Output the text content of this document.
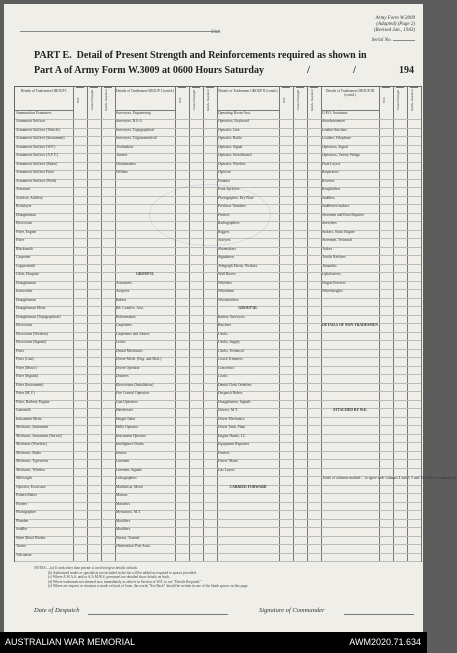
Unit
Army Form W.3009
(Adapted) (Page 2)
(Revised Jan., 1943)
Serial No.
PART E. Detail of Present Strength and Reinforcements required as shown in
Part A of Army Form W.3009 at 0600 Hours Saturday	/	/	194
Details of Tradesmen GROUP I.
W.E.	Posted Strength	Reinfs. Required
Ammunition Examiners
Armament Artificer
Armament Artificer (Vehicle)
Armament Artificer (Instrument)
Armament Artificer (W.F.)
Armament Artificer (A.F.V.)
Armament Artificer (Radar)
Armament Artificer Fitter
Armament Artificer (Field)
Armourer
Artificer, Artillery
Bricklayer
Draughtsman
Electrician
Fitter, Engine
Fitter
Blacksmith
Carpenter
Coppersmith
Clerk, Hospital
Draughtsman
Ironworker
Draughtsman
Draughtsman Mech.
Draughtsman (Topographical)
Electrician
Electrician (Wireless)
Electrician (Signals)
Fitter
Fitter (Gun)
Fitter (Motor)
Fitter (Signals)
Fitter (Instrument)
Fitter (M.V.)
Fitter, Railway Engine
Gunsmith
Instrument Mech.
Mechanic, Instrument
Mechanic, Instrument (Survey)
Mechanic (Wireless)
Mechanic, Radio
Mechanic, Typewriter
Mechanic, Wireless
Millwright
Operator, Excavator
Pattern Maker
Pioneer
Photographer
Plumber
Saddler
Sheet Metal Worker
Turner
Vulcaniser
Details of Tradesmen GROUP I (contd.)
W.E.	Posted Strength	Reinfs. Required
Surveyors, Engineering
Surveyors, R.S.A.
Surveyors, Topographical
Surveyors, Trigonometrical
Toolmakers
Turners
Watchmakers
Welders
GROUP II.
Armourers
Assayers
Bakers
Blt. Comd'rs. Asst.
Boilermakers
Carpenters
Carpenters and Joiners
Cooks
Dental Mechanics
Driver-Mech. (Eng. and Mod.)
Driver Operator
Drainers
Electricians (Installation)
Fire Control Operators
Gun Operators
Hairdresser
Height Taker
Hello Operator
Instrument Operator
Intelligence Duties
Joiners
Linemen
Linemen, Signals
Lithographers
Machinists, Metal
Masons
Masseurs
Mechanics, M.T.
Moulders
Moulders
Nurses, Trained
Observation Post Assts.
Details of Tradesmen GROUP II (contd.)
W.E.	Posted Strength	Reinfs. Required
Operating Room Asst.
Operators, Keyboard
Operator, Line
Operator, Radio
Operator, Signal
Operator, Switchboard
Operator, Wireless
Optician
Painters
Paint Sprayers
Photographer, Dry Plate
Predictor Numbers
Printers
Radiographers
Riggers
Sawyers
Shoemakers
Signalmen
Telegraph Electn. Workers
Wall Borers
Wheelers
Wheelmen
Woodworkers
GROUP III.
Battery Surveyors
Butchers
Clerks
Clerks, Supply
Clerks, Technical
Coach Trimmers
Concretors
Cooks
Dental Clerk Orderlies
Despatch Riders
Draughtsmen, Signals
Drivers, M.T.
Driver Mechanics
Driver Tank, Plant
Engine Hands, I.C.
Equipment Repairers
Farriers
Fitters' Mates
Gas Layers
CARRIED FORWARD
Details of Tradesmen GROUP III (contd.)
W.E.	Posted Strength	Reinfs. Required
O.P.O. Assistants
Storehousemen
Leather Stitchers
Loaders, Telephone
Operators, Signal
Operators, Variety Wedge
Plate Layers
Respirators
Riveters
Roughriders
Saddlers
Saddletree makers
Storemen and Boot Repairer
Stretchers
Stokers, Static Engine
Storemen, Technical
Tailors
Textile Refitters
Tinsmiths
Upholsterers
Wagon Erectors
Wheelwrights
DETAILS OF NON-TRADESMEN
ATTACHED BY W.E.
Totals of columns marked ... to agree with columns 4 and 5, 5 and 10 of Part A respectively
NOTES.—(a) If rank other than private is involved give details on back.
(b) Authorized trades or specialists not included in the list will be added as required to spaces provided.
(c) Where A.W.A.S. and/or A.A.M.W.S. personnel are detailed show details on back.
(d) Where tradesmen not deemed now immediately as relieve in Section of W.E. to see "Details Required."
(e) Where are request or situation is made on back of form. the words "See Back" should be written in one of the blank spaces on this page.
Date of Despatch	Signature of Commander
AUSTRALIAN WAR MEMORIAL	AWM2020.71.634
